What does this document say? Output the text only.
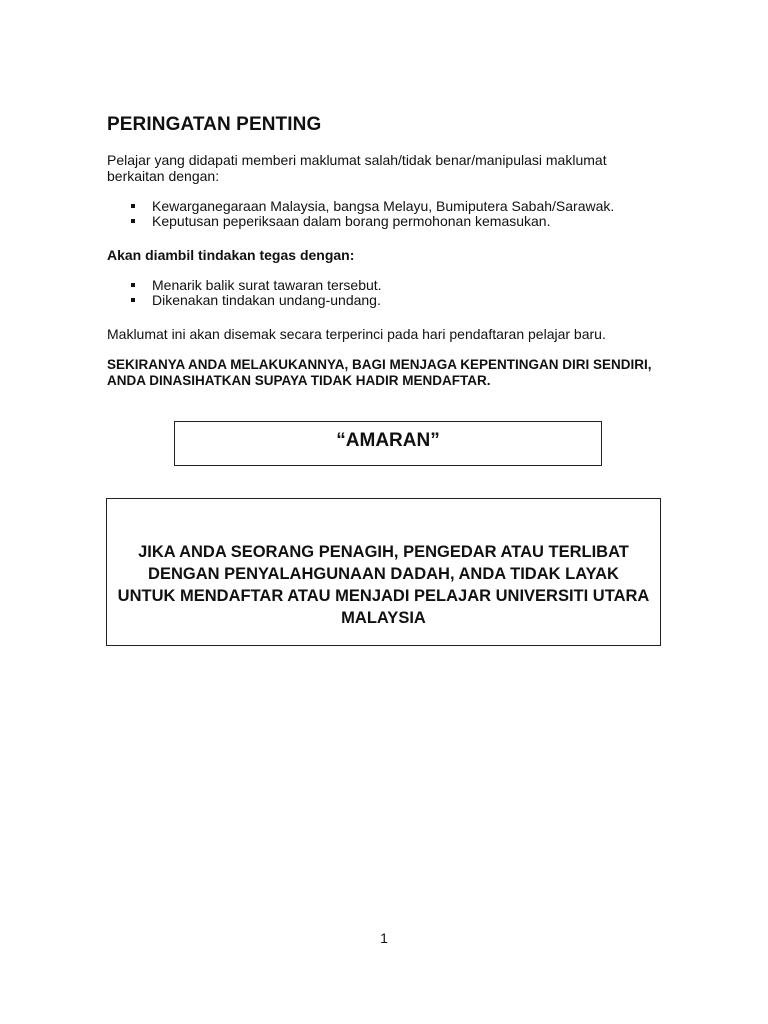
PERINGATAN PENTING
Pelajar yang didapati memberi maklumat salah/tidak benar/manipulasi maklumat berkaitan dengan:
Kewarganegaraan Malaysia, bangsa Melayu, Bumiputera Sabah/Sarawak.
Keputusan peperiksaan dalam borang permohonan kemasukan.
Akan diambil tindakan tegas dengan:
Menarik balik surat tawaran tersebut.
Dikenakan tindakan undang-undang.
Maklumat ini akan disemak secara terperinci pada hari pendaftaran pelajar baru.
SEKIRANYA ANDA MELAKUKANNYA, BAGI MENJAGA KEPENTINGAN DIRI SENDIRI, ANDA DINASIHATKAN SUPAYA TIDAK HADIR MENDAFTAR.
“AMARAN”
JIKA ANDA SEORANG PENAGIH, PENGEDAR ATAU TERLIBAT DENGAN PENYALAHGUNAAN DADAH, ANDA TIDAK LAYAK UNTUK MENDAFTAR ATAU MENJADI PELAJAR UNIVERSITI UTARA MALAYSIA
1
